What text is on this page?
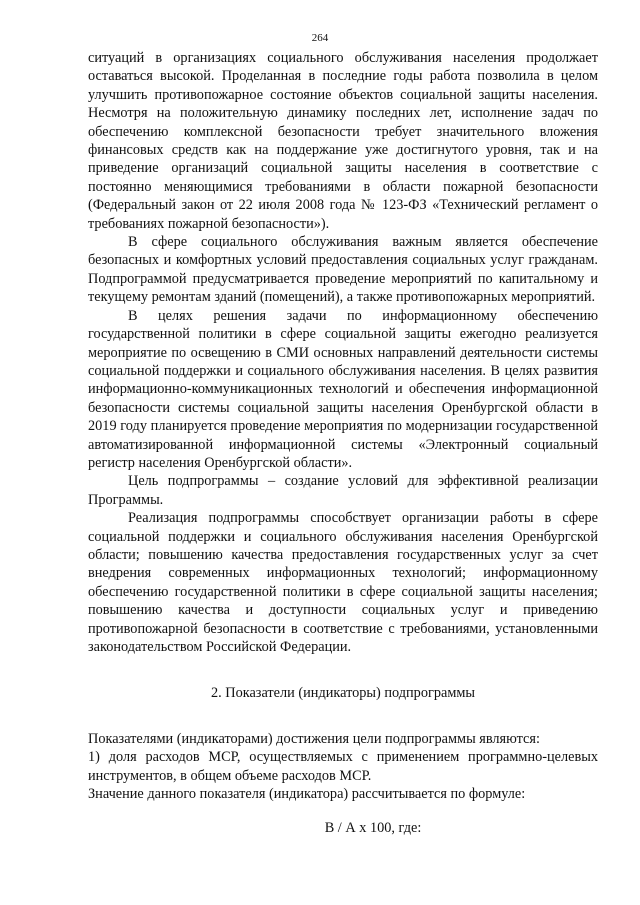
264

ситуаций в организациях социального обслуживания населения продолжает оставаться высокой. Проделанная в последние годы работа позволила в целом улучшить противопожарное состояние объектов социальной защиты населения. Несмотря на положительную динамику последних лет, исполнение задач по обеспечению комплексной безопасности требует значительного вложения финансовых средств как на поддержание уже достигнутого уровня, так и на приведение организаций социальной защиты населения в соответствие с постоянно меняющимися требованиями в области пожарной безопасности (Федеральный закон от 22 июля 2008 года № 123-ФЗ «Технический регламент о требованиях пожарной безопасности»).

В сфере социального обслуживания важным является обеспечение безопасных и комфортных условий предоставления социальных услуг гражданам. Подпрограммой предусматривается проведение мероприятий по капитальному и текущему ремонтам зданий (помещений), а также противопожарных мероприятий.

В целях решения задачи по информационному обеспечению государственной политики в сфере социальной защиты ежегодно реализуется мероприятие по освещению в СМИ основных направлений деятельности системы социальной поддержки и социального обслуживания населения. В целях развития информационно-коммуникационных технологий и обеспечения информационной безопасности системы социальной защиты населения Оренбургской области в 2019 году планируется проведение мероприятия по модернизации государственной автоматизированной информационной системы «Электронный социальный регистр населения Оренбургской области».

Цель подпрограммы – создание условий для эффективной реализации Программы.

Реализация подпрограммы способствует организации работы в сфере социальной поддержки и социального обслуживания населения Оренбургской области; повышению качества предоставления государственных услуг за счет внедрения современных информационных технологий; информационному обеспечению государственной политики в сфере социальной защиты населения; повышению качества и доступности социальных услуг и приведению противопожарной безопасности в соответствие с требованиями, установленными законодательством Российской Федерации.

2. Показатели (индикаторы) подпрограммы

Показателями (индикаторами) достижения цели подпрограммы являются:

1) доля расходов МСР, осуществляемых с применением программно-целевых инструментов, в общем объеме расходов МСР.

Значение данного показателя (индикатора) рассчитывается по формуле:

В / А х 100, где:
